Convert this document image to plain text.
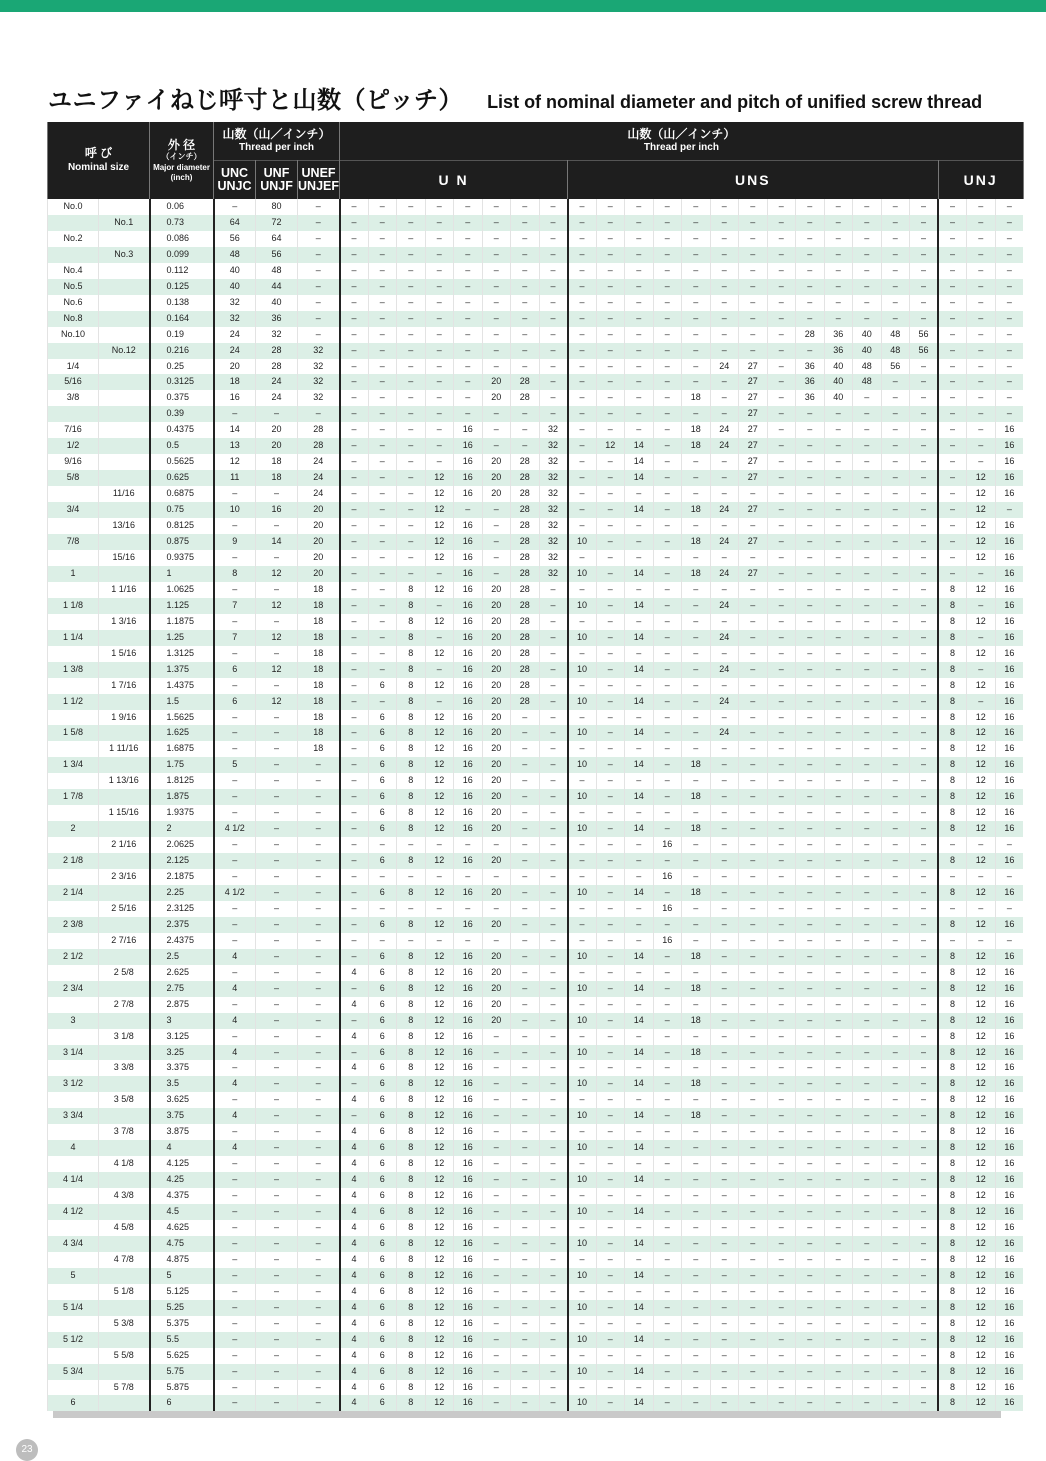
ユニファイねじ呼寸と山数（ピッチ） List of nominal diameter and pitch of unified screw thread
呼 び
Nominal size		外 径
（インチ）
Major diameter
(inch)	山数（山／インチ）
Thread per inch			山数（山／インチ）
Thread per inch																							

			UNC
UNJC	UNF
UNJF	UNEF
UNJEF	U N								UNS													UNJ		
No.0		0.06	–	80	–	–	–	–	–	–	–	–	–	–	–	–	–	–	–	–	–	–	–	–	–	–	–	–	–
	No.1	0.73	64	72	–	–	–	–	–	–	–	–	–	–	–	–	–	–	–	–	–	–	–	–	–	–	–	–	–
No.2		0.086	56	64	–	–	–	–	–	–	–	–	–	–	–	–	–	–	–	–	–	–	–	–	–	–	–	–	–
	No.3	0.099	48	56	–	–	–	–	–	–	–	–	–	–	–	–	–	–	–	–	–	–	–	–	–	–	–	–	–
No.4		0.112	40	48	–	–	–	–	–	–	–	–	–	–	–	–	–	–	–	–	–	–	–	–	–	–	–	–	–
No.5		0.125	40	44	–	–	–	–	–	–	–	–	–	–	–	–	–	–	–	–	–	–	–	–	–	–	–	–	–
No.6		0.138	32	40	–	–	–	–	–	–	–	–	–	–	–	–	–	–	–	–	–	–	–	–	–	–	–	–	–
No.8		0.164	32	36	–	–	–	–	–	–	–	–	–	–	–	–	–	–	–	–	–	–	–	–	–	–	–	–	–
No.10		0.19	24	32	–	–	–	–	–	–	–	–	–	–	–	–	–	–	–	–	–	28	36	40	48	56	–	–	–
	No.12	0.216	24	28	32	–	–	–	–	–	–	–	–	–	–	–	–	–	–	–	–	–	36	40	48	56	–	–	–
1/4		0.25	20	28	32	–	–	–	–	–	–	–	–	–	–	–	–	–	24	27	–	36	40	48	56	–	–	–	–
5/16		0.3125	18	24	32	–	–	–	–	–	20	28	–	–	–	–	–	–	–	27	–	36	40	48	–	–	–	–	–
3/8		0.375	16	24	32	–	–	–	–	–	20	28	–	–	–	–	–	18	–	27	–	36	40	–	–	–	–	–	–
		0.39	–	–	–	–	–	–	–	–	–	–	–	–	–	–	–	–	–	27	–	–	–	–	–	–	–	–	–
7/16		0.4375	14	20	28	–	–	–	–	16	–	–	32	–	–	–	–	18	24	27	–	–	–	–	–	–	–	–	16
1/2		0.5	13	20	28	–	–	–	–	16	–	–	32	–	12	14	–	18	24	27	–	–	–	–	–	–	–	–	16
9/16		0.5625	12	18	24	–	–	–	–	16	20	28	32	–	–	14	–	–	–	27	–	–	–	–	–	–	–	–	16
5/8		0.625	11	18	24	–	–	–	12	16	20	28	32	–	–	14	–	–	–	27	–	–	–	–	–	–	–	12	16
	11/16	0.6875	–	–	24	–	–	–	12	16	20	28	32	–	–	–	–	–	–	–	–	–	–	–	–	–	–	12	16
3/4		0.75	10	16	20	–	–	–	12	–	–	28	32	–	–	14	–	18	24	27	–	–	–	–	–	–	–	12	–
	13/16	0.8125	–	–	20	–	–	–	12	16	–	28	32	–	–	–	–	–	–	–	–	–	–	–	–	–	–	12	16
7/8		0.875	9	14	20	–	–	–	12	16	–	28	32	10	–	–	–	18	24	27	–	–	–	–	–	–	–	12	16
	15/16	0.9375	–	–	20	–	–	–	12	16	–	28	32	–	–	–	–	–	–	–	–	–	–	–	–	–	–	12	16
1		1	8	12	20	–	–	–	–	16	–	28	32	10	–	14	–	18	24	27	–	–	–	–	–	–	–	–	16
	1 1/16	1.0625	–	–	18	–	–	8	12	16	20	28	–	–	–	–	–	–	–	–	–	–	–	–	–	–	8	12	16
1 1/8		1.125	7	12	18	–	–	8	–	16	20	28	–	10	–	14	–	–	24	–	–	–	–	–	–	–	8	–	16
	1 3/16	1.1875	–	–	18	–	–	8	12	16	20	28	–	–	–	–	–	–	–	–	–	–	–	–	–	–	8	12	16
1 1/4		1.25	7	12	18	–	–	8	–	16	20	28	–	10	–	14	–	–	24	–	–	–	–	–	–	–	8	–	16
	1 5/16	1.3125	–	–	18	–	–	8	12	16	20	28	–	–	–	–	–	–	–	–	–	–	–	–	–	–	8	12	16
1 3/8		1.375	6	12	18	–	–	8	–	16	20	28	–	10	–	14	–	–	24	–	–	–	–	–	–	–	8	–	16
	1 7/16	1.4375	–	–	18	–	6	8	12	16	20	28	–	–	–	–	–	–	–	–	–	–	–	–	–	–	8	12	16
1 1/2		1.5	6	12	18	–	–	8	–	16	20	28	–	10	–	14	–	–	24	–	–	–	–	–	–	–	8	–	16
	1 9/16	1.5625	–	–	18	–	6	8	12	16	20	–	–	–	–	–	–	–	–	–	–	–	–	–	–	–	8	12	16
1 5/8		1.625	–	–	18	–	6	8	12	16	20	–	–	10	–	14	–	–	24	–	–	–	–	–	–	–	8	12	16
	1 11/16	1.6875	–	–	18	–	6	8	12	16	20	–	–	–	–	–	–	–	–	–	–	–	–	–	–	–	8	12	16
1 3/4		1.75	5	–	–	–	6	8	12	16	20	–	–	10	–	14	–	18	–	–	–	–	–	–	–	–	8	12	16
	1 13/16	1.8125	–	–	–	–	6	8	12	16	20	–	–	–	–	–	–	–	–	–	–	–	–	–	–	–	8	12	16
1 7/8		1.875	–	–	–	–	6	8	12	16	20	–	–	10	–	14	–	18	–	–	–	–	–	–	–	–	8	12	16
	1 15/16	1.9375	–	–	–	–	6	8	12	16	20	–	–	–	–	–	–	–	–	–	–	–	–	–	–	–	8	12	16
2		2	4 1/2	–	–	–	6	8	12	16	20	–	–	10	–	14	–	18	–	–	–	–	–	–	–	–	8	12	16
	2 1/16	2.0625	–	–	–	–	–	–	–	–	–	–	–	–	–	–	16	–	–	–	–	–	–	–	–	–	–	–	–
2 1/8		2.125	–	–	–	–	6	8	12	16	20	–	–	–	–	–	–	–	–	–	–	–	–	–	–	–	8	12	16
	2 3/16	2.1875	–	–	–	–	–	–	–	–	–	–	–	–	–	–	16	–	–	–	–	–	–	–	–	–	–	–	–
2 1/4		2.25	4 1/2	–	–	–	6	8	12	16	20	–	–	10	–	14	–	18	–	–	–	–	–	–	–	–	8	12	16
	2 5/16	2.3125	–	–	–	–	–	–	–	–	–	–	–	–	–	–	16	–	–	–	–	–	–	–	–	–	–	–	–
2 3/8		2.375	–	–	–	–	6	8	12	16	20	–	–	–	–	–	–	–	–	–	–	–	–	–	–	–	8	12	16
	2 7/16	2.4375	–	–	–	–	–	–	–	–	–	–	–	–	–	–	16	–	–	–	–	–	–	–	–	–	–	–	–
2 1/2		2.5	4	–	–	–	6	8	12	16	20	–	–	10	–	14	–	18	–	–	–	–	–	–	–	–	8	12	16
	2 5/8	2.625	–	–	–	4	6	8	12	16	20	–	–	–	–	–	–	–	–	–	–	–	–	–	–	–	8	12	16
2 3/4		2.75	4	–	–	–	6	8	12	16	20	–	–	10	–	14	–	18	–	–	–	–	–	–	–	–	8	12	16
	2 7/8	2.875	–	–	–	4	6	8	12	16	20	–	–	–	–	–	–	–	–	–	–	–	–	–	–	–	8	12	16
3		3	4	–	–	–	6	8	12	16	20	–	–	10	–	14	–	18	–	–	–	–	–	–	–	–	8	12	16
	3 1/8	3.125	–	–	–	4	6	8	12	16	–	–	–	–	–	–	–	–	–	–	–	–	–	–	–	–	8	12	16
3 1/4		3.25	4	–	–	–	6	8	12	16	–	–	–	10	–	14	–	18	–	–	–	–	–	–	–	–	8	12	16
	3 3/8	3.375	–	–	–	4	6	8	12	16	–	–	–	–	–	–	–	–	–	–	–	–	–	–	–	–	8	12	16
3 1/2		3.5	4	–	–	–	6	8	12	16	–	–	–	10	–	14	–	18	–	–	–	–	–	–	–	–	8	12	16
	3 5/8	3.625	–	–	–	4	6	8	12	16	–	–	–	–	–	–	–	–	–	–	–	–	–	–	–	–	8	12	16
3 3/4		3.75	4	–	–	–	6	8	12	16	–	–	–	10	–	14	–	18	–	–	–	–	–	–	–	–	8	12	16
	3 7/8	3.875	–	–	–	4	6	8	12	16	–	–	–	–	–	–	–	–	–	–	–	–	–	–	–	–	8	12	16
4		4	4	–	–	4	6	8	12	16	–	–	–	10	–	14	–	–	–	–	–	–	–	–	–	–	8	12	16
	4 1/8	4.125	–	–	–	4	6	8	12	16	–	–	–	–	–	–	–	–	–	–	–	–	–	–	–	–	8	12	16
4 1/4		4.25	–	–	–	4	6	8	12	16	–	–	–	10	–	14	–	–	–	–	–	–	–	–	–	–	8	12	16
	4 3/8	4.375	–	–	–	4	6	8	12	16	–	–	–	–	–	–	–	–	–	–	–	–	–	–	–	–	8	12	16
4 1/2		4.5	–	–	–	4	6	8	12	16	–	–	–	10	–	14	–	–	–	–	–	–	–	–	–	–	8	12	16
	4 5/8	4.625	–	–	–	4	6	8	12	16	–	–	–	–	–	–	–	–	–	–	–	–	–	–	–	–	8	12	16
4 3/4		4.75	–	–	–	4	6	8	12	16	–	–	–	10	–	14	–	–	–	–	–	–	–	–	–	–	8	12	16
	4 7/8	4.875	–	–	–	4	6	8	12	16	–	–	–	–	–	–	–	–	–	–	–	–	–	–	–	–	8	12	16
5		5	–	–	–	4	6	8	12	16	–	–	–	10	–	14	–	–	–	–	–	–	–	–	–	–	8	12	16
	5 1/8	5.125	–	–	–	4	6	8	12	16	–	–	–	–	–	–	–	–	–	–	–	–	–	–	–	–	8	12	16
5 1/4		5.25	–	–	–	4	6	8	12	16	–	–	–	10	–	14	–	–	–	–	–	–	–	–	–	–	8	12	16
	5 3/8	5.375	–	–	–	4	6	8	12	16	–	–	–	–	–	–	–	–	–	–	–	–	–	–	–	–	8	12	16
5 1/2		5.5	–	–	–	4	6	8	12	16	–	–	–	10	–	14	–	–	–	–	–	–	–	–	–	–	8	12	16
	5 5/8	5.625	–	–	–	4	6	8	12	16	–	–	–	–	–	–	–	–	–	–	–	–	–	–	–	–	8	12	16
5 3/4		5.75	–	–	–	4	6	8	12	16	–	–	–	10	–	14	–	–	–	–	–	–	–	–	–	–	8	12	16
	5 7/8	5.875	–	–	–	4	6	8	12	16	–	–	–	–	–	–	–	–	–	–	–	–	–	–	–	–	8	12	16
6		6	–	–	–	4	6	8	12	16	–	–	–	10	–	14	–	–	–	–	–	–	–	–	–	–	8	12	16
23
